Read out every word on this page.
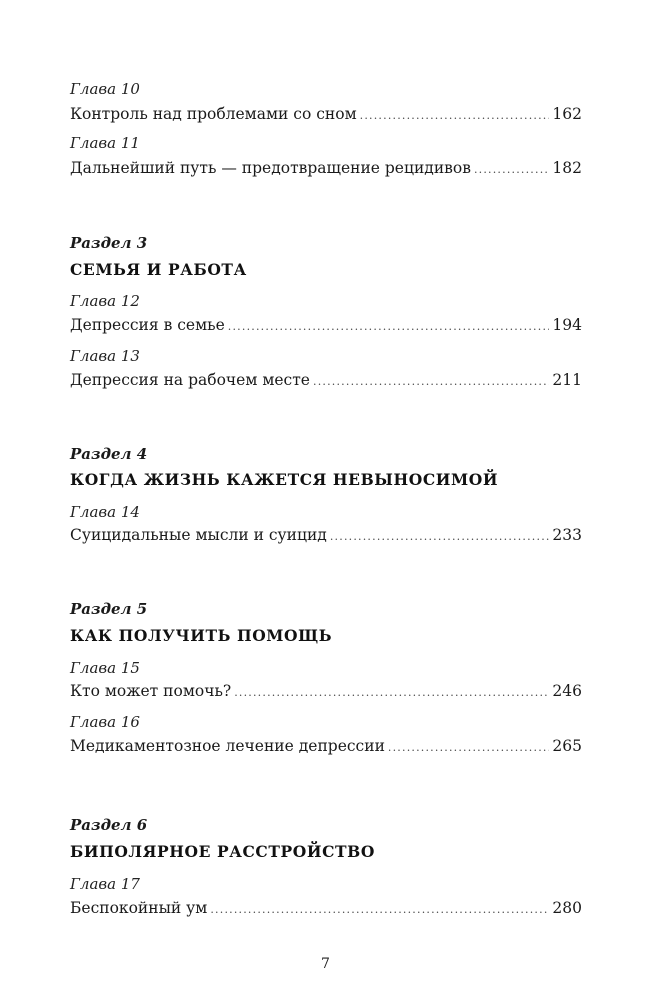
Глава 10
Контроль над проблемами со сном .....	162
Глава 11
Дальнейший путь — предотвращение рецидивов .....	182
Раздел 3
СЕМЬЯ И РАБОТА
Глава 12
Депрессия в семье .....	194
Глава 13
Депрессия на рабочем месте .....	211
Раздел 4
КОГДА ЖИЗНЬ КАЖЕТСЯ НЕВЫНОСИМОЙ
Глава 14
Суицидальные мысли и суицид .....	233
Раздел 5
КАК ПОЛУЧИТЬ ПОМОЩЬ
Глава 15
Кто может помочь? .....	246
Глава 16
Медикаментозное лечение депрессии .....	265
Раздел 6
БИПОЛЯРНОЕ РАССТРОЙСТВО
Глава 17
Беспокойный ум .....	280
7
